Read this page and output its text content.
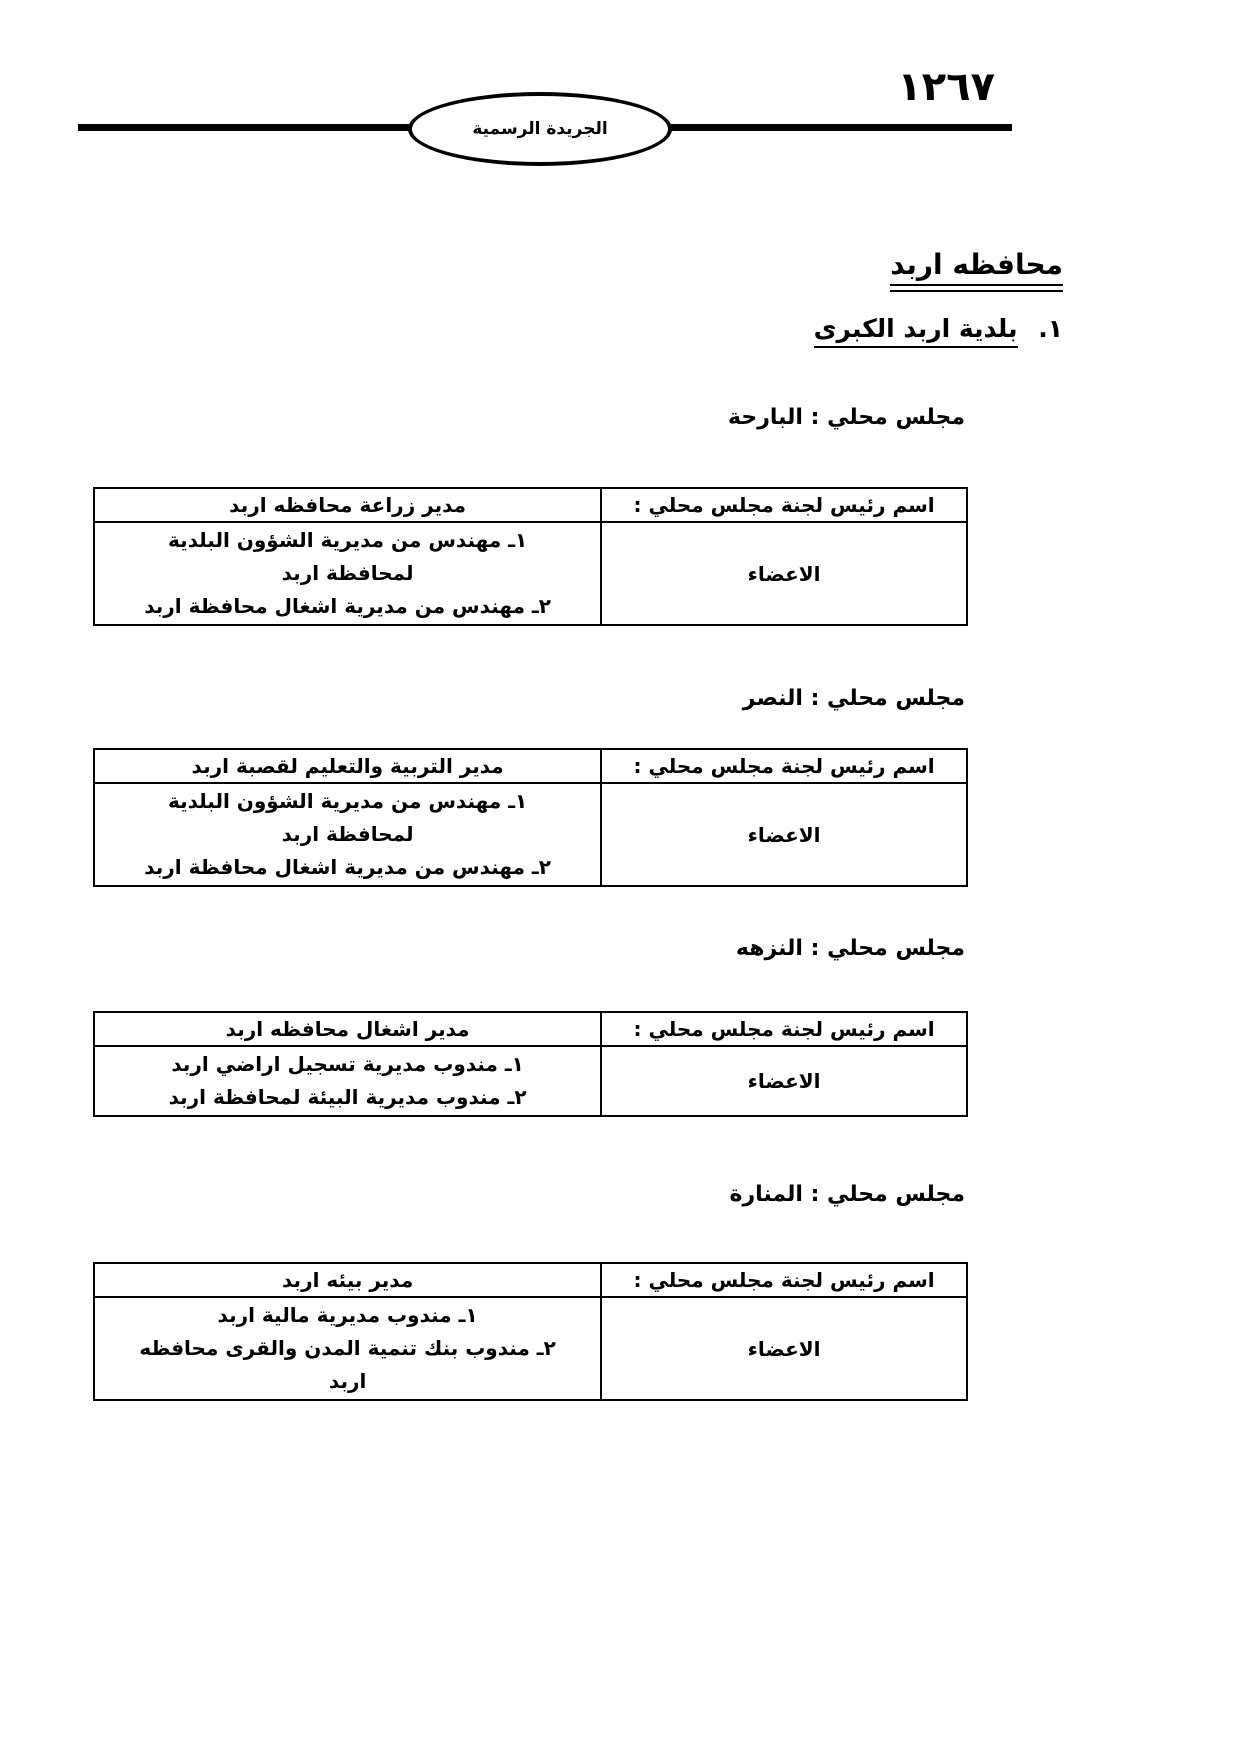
١٢٦٧
الجريدة الرسمية
محافظه اربد
١. بلدية اربد الكبرى
مجلس محلي : البارحة
اسم رئيس لجنة مجلس محلي :
مدير زراعة محافظه اربد
الاعضاء
١ـ مهندس من مديرية الشؤون البلدية
لمحافظة اربد
٢ـ مهندس من مديرية اشغال محافظة اربد
مجلس محلي : النصر
اسم رئيس لجنة مجلس محلي :
مدير التربية والتعليم لقصبة اربد
الاعضاء
١ـ مهندس من مديرية الشؤون البلدية
لمحافظة اربد
٢ـ مهندس من مديرية اشغال محافظة اربد
مجلس محلي : النزهه
اسم رئيس لجنة مجلس محلي :
مدير اشغال محافظه اربد
الاعضاء
١ـ مندوب مديرية تسجيل اراضي اربد
٢ـ مندوب مديرية البيئة لمحافظة اربد
مجلس محلي : المنارة
اسم رئيس لجنة مجلس محلي :
مدير بيئه اربد
الاعضاء
١ـ مندوب مديرية مالية اربد
٢ـ مندوب بنك تنمية المدن والقرى محافظه
اربد
